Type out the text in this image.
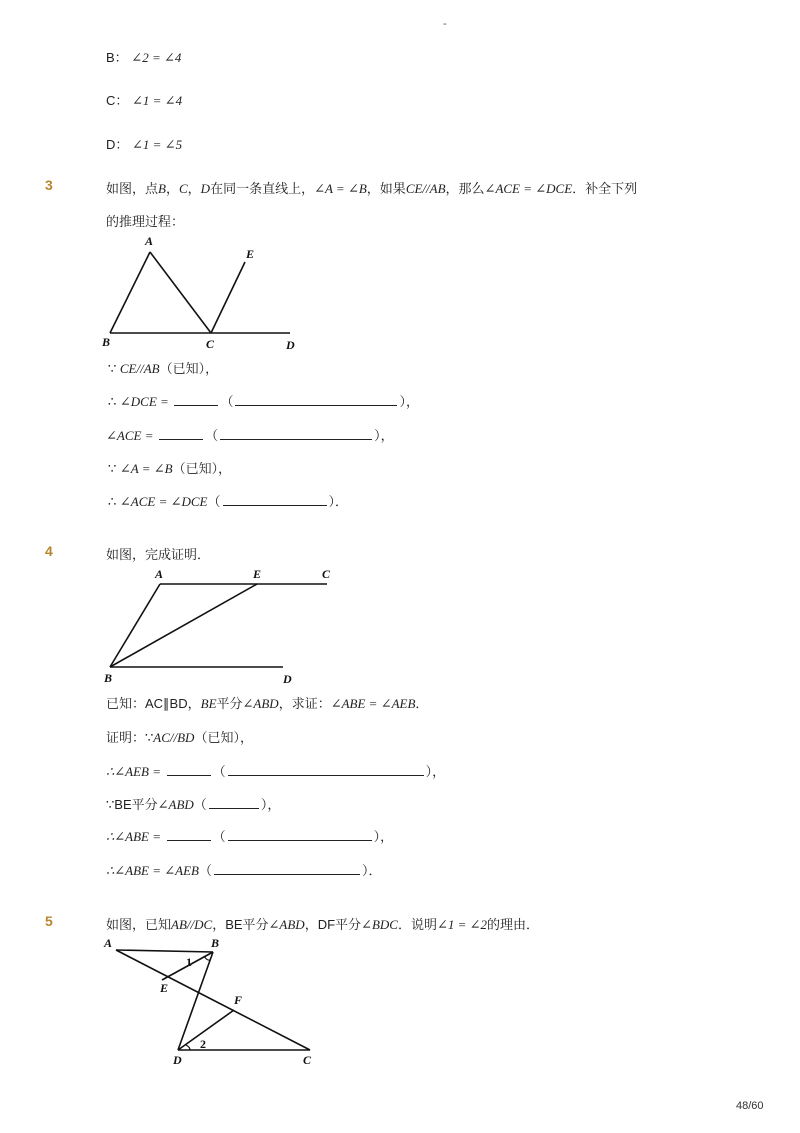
-
B： ∠2 = ∠4
C： ∠1 = ∠4
D： ∠1 = ∠5
3	如图，点B，C，D在同一条直线上，∠A = ∠B，如果CE//AB，那么∠ACE = ∠DCE．补全下列
的推理过程：
A
B	C	D
E
∵ CE//AB（已知），
∴ ∠DCE =	（	），
∠ACE =	（	），
∵ ∠A = ∠B（已知），
∴ ∠ACE = ∠DCE（	）．
4	如图，完成证明．
A	E	C
B	D
已知：AC∥BD，BE平分∠ABD，求证：∠ABE = ∠AEB．
证明：∵AC//BD（已知），
∴∠AEB =	（	），
∵BE平分∠ABD（	），
∴∠ABE =	（	），
∴∠ABE = ∠AEB（	）．
5	如图，已知AB//DC，BE平分∠ABD，DF平分∠BDC．说明∠1 = ∠2的理由．
A	B
E
F
D	C
1
2
48/60
